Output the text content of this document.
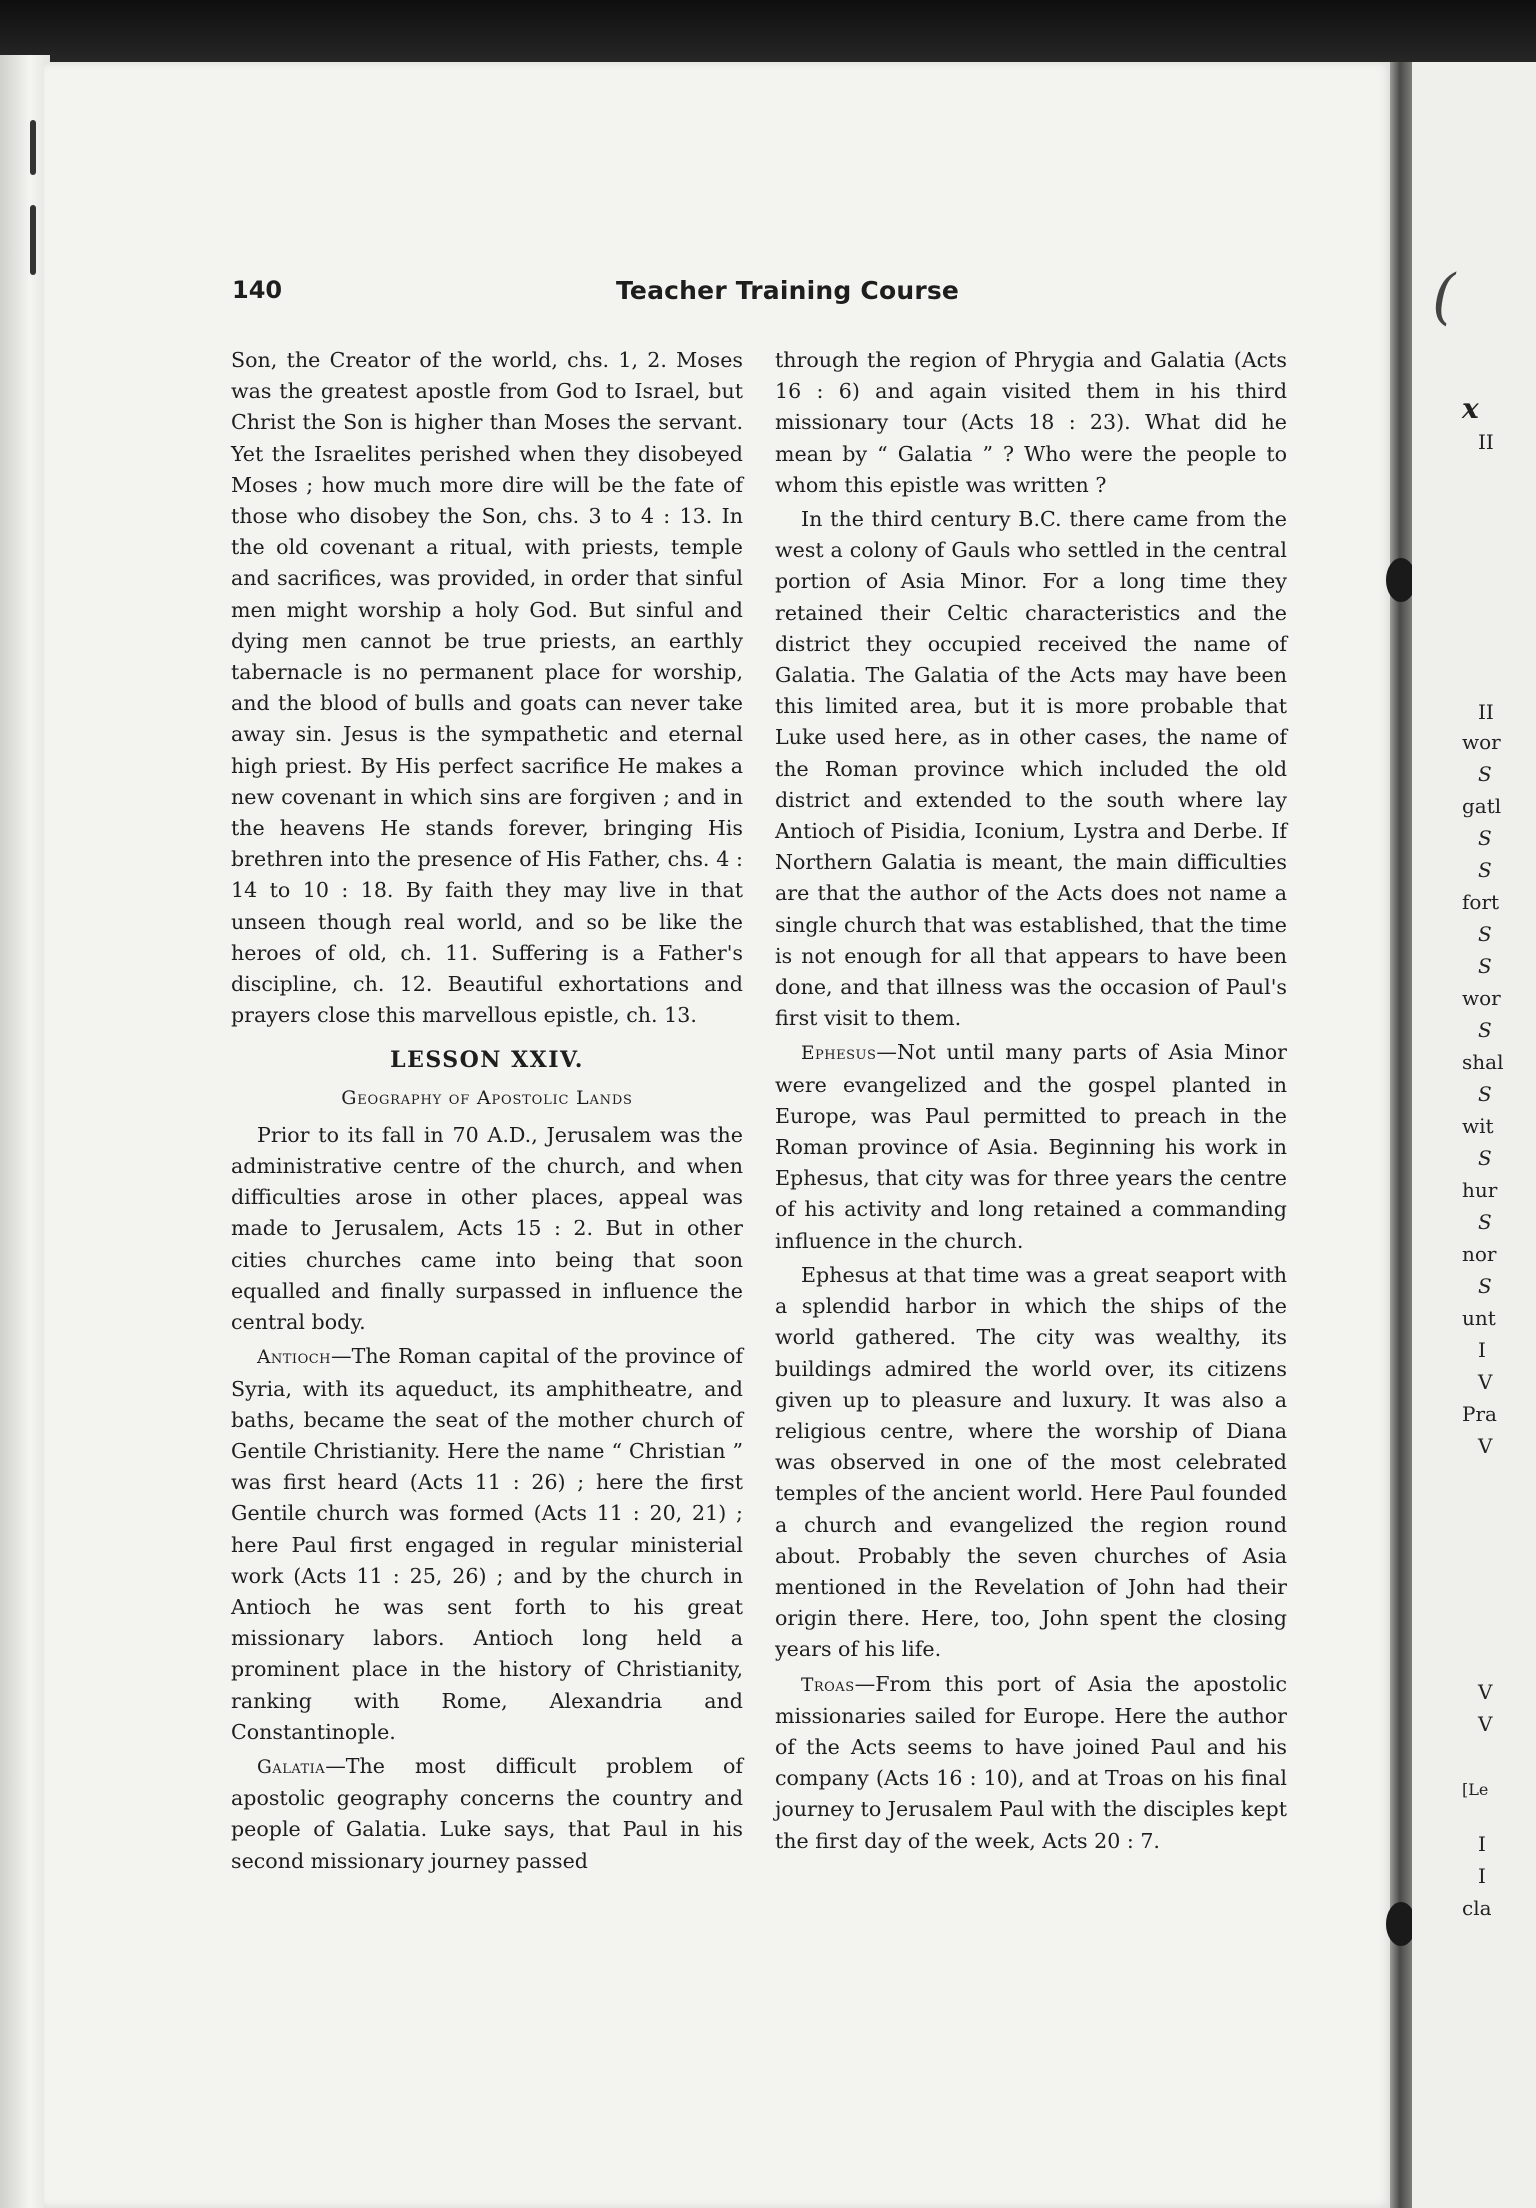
(
x
II
II
wor
S
gatl
S
S
fort
S
S
wor
S
shal
S
wit
S
hur
S
nor
S
unt
I
V
Pra
V
V
V
[Le
I
I
cla
140	Teacher Training Course

Son, the Creator of the world, chs. 1, 2. Moses was the greatest apostle from God to Israel, but Christ the Son is higher than Moses the servant. Yet the Israelites perished when they disobeyed Moses ; how much more dire will be the fate of those who disobey the Son, chs. 3 to 4 : 13. In the old covenant a ritual, with priests, temple and sacrifices, was provided, in order that sinful men might worship a holy God. But sinful and dying men cannot be true priests, an earthly tabernacle is no permanent place for worship, and the blood of bulls and goats can never take away sin. Jesus is the sympathetic and eternal high priest. By His perfect sacrifice He makes a new covenant in which sins are forgiven ; and in the heavens He stands forever, bringing His brethren into the presence of His Father, chs. 4 : 14 to 10 : 18. By faith they may live in that unseen though real world, and so be like the heroes of old, ch. 11. Suffering is a Father's discipline, ch. 12. Beautiful exhortations and prayers close this marvellous epistle, ch. 13.

LESSON XXIV.
Geography of Apostolic Lands

Prior to its fall in 70 A.D., Jerusalem was the administrative centre of the church, and when difficulties arose in other places, appeal was made to Jerusalem, Acts 15 : 2. But in other cities churches came into being that soon equalled and finally surpassed in influence the central body.

Antioch—The Roman capital of the province of Syria, with its aqueduct, its amphitheatre, and baths, became the seat of the mother church of Gentile Christianity. Here the name “ Christian ” was first heard (Acts 11 : 26) ; here the first Gentile church was formed (Acts 11 : 20, 21) ; here Paul first engaged in regular ministerial work (Acts 11 : 25, 26) ; and by the church in Antioch he was sent forth to his great missionary labors. Antioch long held a prominent place in the history of Christianity, ranking with Rome, Alexandria and Constantinople.

Galatia—The most difficult problem of apostolic geography concerns the country and people of Galatia. Luke says, that Paul in his second missionary journey passed

through the region of Phrygia and Galatia (Acts 16 : 6) and again visited them in his third missionary tour (Acts 18 : 23). What did he mean by “ Galatia ” ? Who were the people to whom this epistle was written ?

In the third century B.C. there came from the west a colony of Gauls who settled in the central portion of Asia Minor. For a long time they retained their Celtic characteristics and the district they occupied received the name of Galatia. The Galatia of the Acts may have been this limited area, but it is more probable that Luke used here, as in other cases, the name of the Roman province which included the old district and extended to the south where lay Antioch of Pisidia, Iconium, Lystra and Derbe. If Northern Galatia is meant, the main difficulties are that the author of the Acts does not name a single church that was established, that the time is not enough for all that appears to have been done, and that illness was the occasion of Paul's first visit to them.

Ephesus—Not until many parts of Asia Minor were evangelized and the gospel planted in Europe, was Paul permitted to preach in the Roman province of Asia. Beginning his work in Ephesus, that city was for three years the centre of his activity and long retained a commanding influence in the church.

Ephesus at that time was a great seaport with a splendid harbor in which the ships of the world gathered. The city was wealthy, its buildings admired the world over, its citizens given up to pleasure and luxury. It was also a religious centre, where the worship of Diana was observed in one of the most celebrated temples of the ancient world. Here Paul founded a church and evangelized the region round about. Probably the seven churches of Asia mentioned in the Revelation of John had their origin there. Here, too, John spent the closing years of his life.

Troas—From this port of Asia the apostolic missionaries sailed for Europe. Here the author of the Acts seems to have joined Paul and his company (Acts 16 : 10), and at Troas on his final journey to Jerusalem Paul with the disciples kept the first day of the week, Acts 20 : 7.
